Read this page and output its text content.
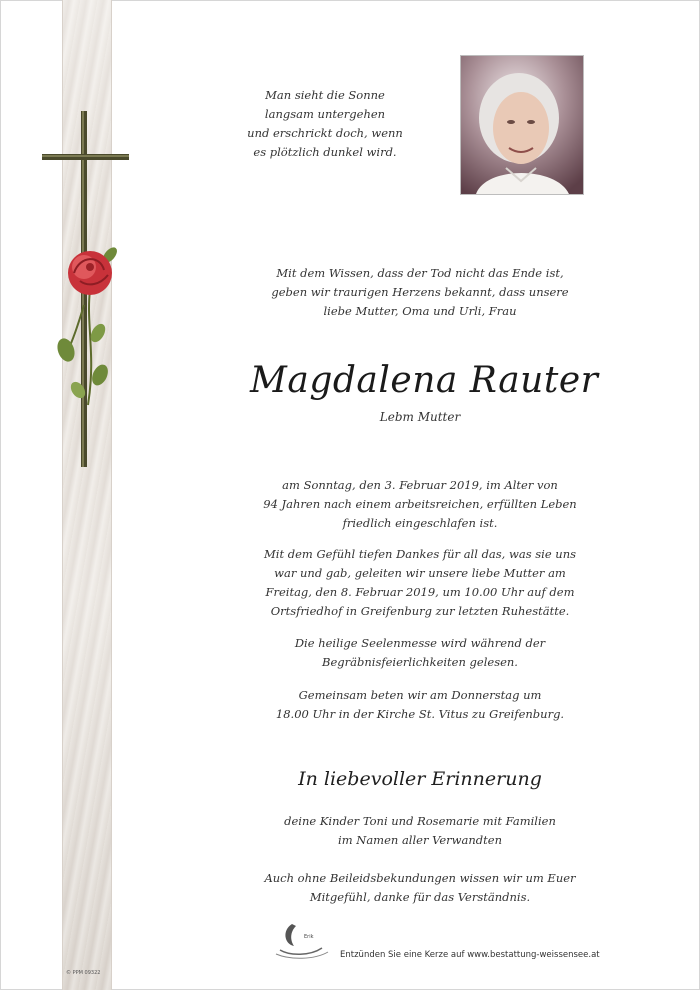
© PPM 09322
Man sieht die Sonne
langsam untergehen
und erschrickt doch, wenn
es plötzlich dunkel wird.
Mit dem Wissen, dass der Tod nicht das Ende ist,
geben wir traurigen Herzens bekannt, dass unsere
liebe Mutter, Oma und Urli, Frau
Magdalena Rauter
Lebm Mutter
am Sonntag, den 3. Februar 2019, im Alter von
94 Jahren nach einem arbeitsreichen, erfüllten Leben
friedlich eingeschlafen ist.
Mit dem Gefühl tiefen Dankes für all das, was sie uns
war und gab, geleiten wir unsere liebe Mutter am
Freitag, den 8. Februar 2019, um 10.00 Uhr auf dem
Ortsfriedhof in Greifenburg zur letzten Ruhestätte.
Die heilige Seelenmesse wird während der
Begräbnisfeierlichkeiten gelesen.
Gemeinsam beten wir am Donnerstag um
18.00 Uhr in der Kirche St. Vitus zu Greifenburg.
In liebevoller Erinnerung
deine Kinder Toni und Rosemarie mit Familien
im Namen aller Verwandten
Auch ohne Beileidsbekundungen wissen wir um Euer
Mitgefühl, danke für das Verständnis.
Erik
Entzünden Sie eine Kerze auf www.bestattung-weissensee.at
